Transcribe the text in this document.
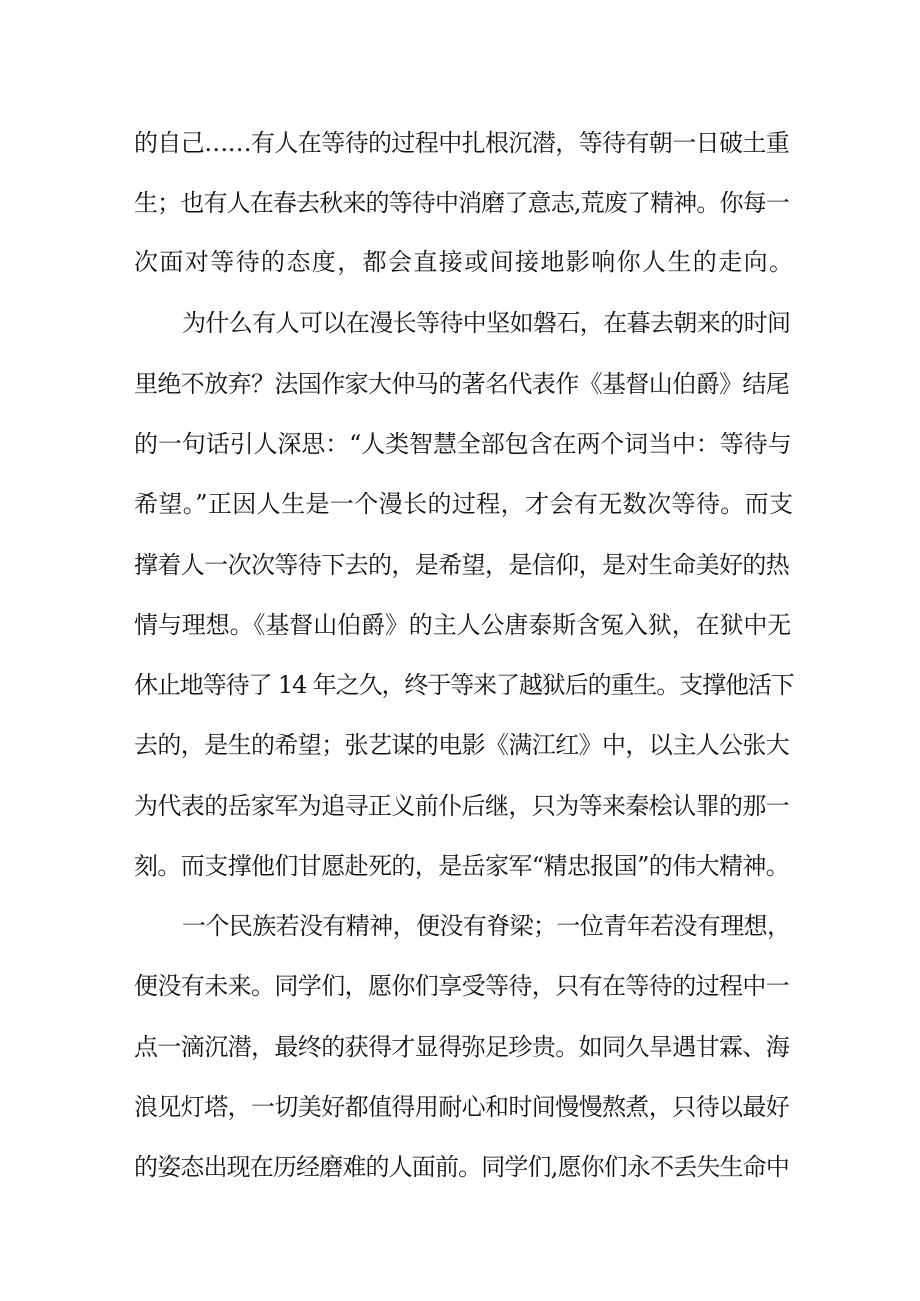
的自己……有人在等待的过程中扎根沉潜，等待有朝一日破土重
生；也有人在春去秋来的等待中消磨了意志,荒废了精神。你每一
次面对等待的态度，都会直接或间接地影响你人生的走向。
为什么有人可以在漫长等待中坚如磐石，在暮去朝来的时间
里绝不放弃？法国作家大仲马的著名代表作《基督山伯爵》结尾
的一句话引人深思：“人类智慧全部包含在两个词当中：等待与
希望。”正因人生是一个漫长的过程，才会有无数次等待。而支
撑着人一次次等待下去的，是希望，是信仰，是对生命美好的热
情与理想。《基督山伯爵》的主人公唐泰斯含冤入狱，在狱中无
休止地等待了 14 年之久，终于等来了越狱后的重生。支撑他活下
去的，是生的希望；张艺谋的电影《满江红》中，以主人公张大
为代表的岳家军为追寻正义前仆后继，只为等来秦桧认罪的那一
刻。而支撑他们甘愿赴死的，是岳家军“精忠报国”的伟大精神。
一个民族若没有精神，便没有脊梁；一位青年若没有理想，
便没有未来。同学们，愿你们享受等待，只有在等待的过程中一
点一滴沉潜，最终的获得才显得弥足珍贵。如同久旱遇甘霖、海
浪见灯塔，一切美好都值得用耐心和时间慢慢熬煮，只待以最好
的姿态出现在历经磨难的人面前。同学们,愿你们永不丢失生命中
